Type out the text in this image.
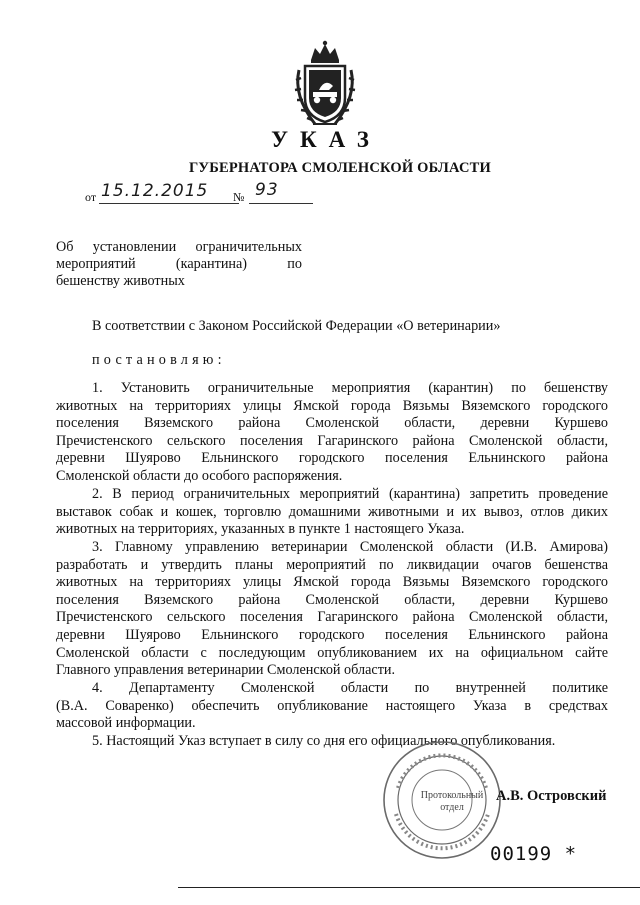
УКАЗ
ГУБЕРНАТОРА СМОЛЕНСКОЙ ОБЛАСТИ
от 15.12.2015 № 93
Об установлении ограничительных
мероприятий (карантина) по
бешенству животных
В соответствии с Законом Российской Федерации «О ветеринарии»
постановляю:
1. Установить ограничительные мероприятия (карантин) по бешенству
животных на территориях улицы Ямской города Вязьмы Вяземского городского
поселения Вяземского района Смоленской области, деревни Куршево
Пречистенского сельского поселения Гагаринского района Смоленской области,
деревни Шуярово Ельнинского городского поселения Ельнинского района
Смоленской области до особого распоряжения.
2. В период ограничительных мероприятий (карантина) запретить проведение
выставок собак и кошек, торговлю домашними животными и их вывоз, отлов диких
животных на территориях, указанных в пункте 1 настоящего Указа.
3. Главному управлению ветеринарии Смоленской области (И.В. Амирова)
разработать и утвердить планы мероприятий по ликвидации очагов бешенства
животных на территориях улицы Ямской города Вязьмы Вяземского городского
поселения Вяземского района Смоленской области, деревни Куршево
Пречистенского сельского поселения Гагаринского района Смоленской области,
деревни Шуярово Ельнинского городского поселения Ельнинского района
Смоленской области с последующим опубликованием их на официальном сайте
Главного управления ветеринарии Смоленской области.
4. Департаменту Смоленской области по внутренней политике
(В.А. Соваренко) обеспечить опубликование настоящего Указа в средствах
массовой информации.
5. Настоящий Указ вступает в силу со дня его официального опубликования.
Протокольный
отдел
А.В. Островский
00199 *
